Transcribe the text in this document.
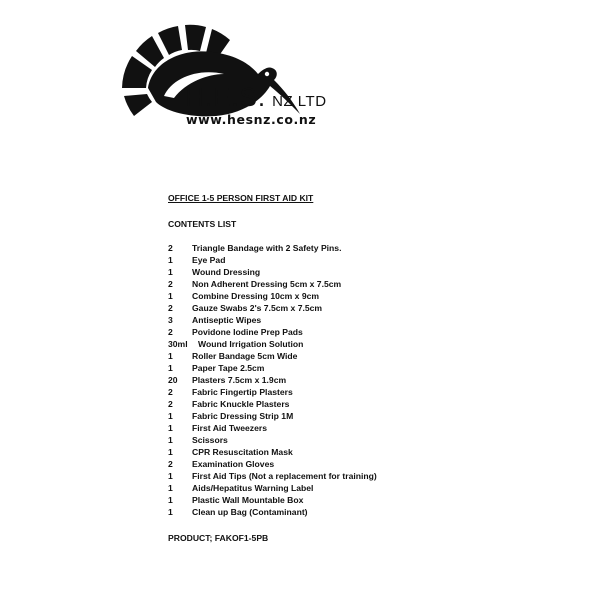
H.E.S. NZ LTD
www.hesnz.co.nz
OFFICE 1-5 PERSON FIRST AID KIT
CONTENTS LIST
2	Triangle Bandage with 2 Safety Pins.
1	Eye Pad
1	Wound Dressing
2	Non Adherent Dressing 5cm x 7.5cm
1	Combine Dressing 10cm x 9cm
2	Gauze Swabs 2's 7.5cm x 7.5cm
3	Antiseptic Wipes
2	Povidone Iodine Prep Pads
30ml	Wound Irrigation Solution
1	Roller Bandage 5cm Wide
1	Paper Tape 2.5cm
20	Plasters 7.5cm x 1.9cm
2	Fabric Fingertip Plasters
2	Fabric Knuckle Plasters
1	Fabric Dressing Strip 1M
1	First Aid Tweezers
1	Scissors
1	CPR Resuscitation Mask
2	Examination Gloves
1	First Aid Tips (Not a replacement for training)
1	Aids/Hepatitus Warning Label
1	Plastic Wall Mountable Box
1	Clean up Bag (Contaminant)
PRODUCT; FAKOF1-5PB
